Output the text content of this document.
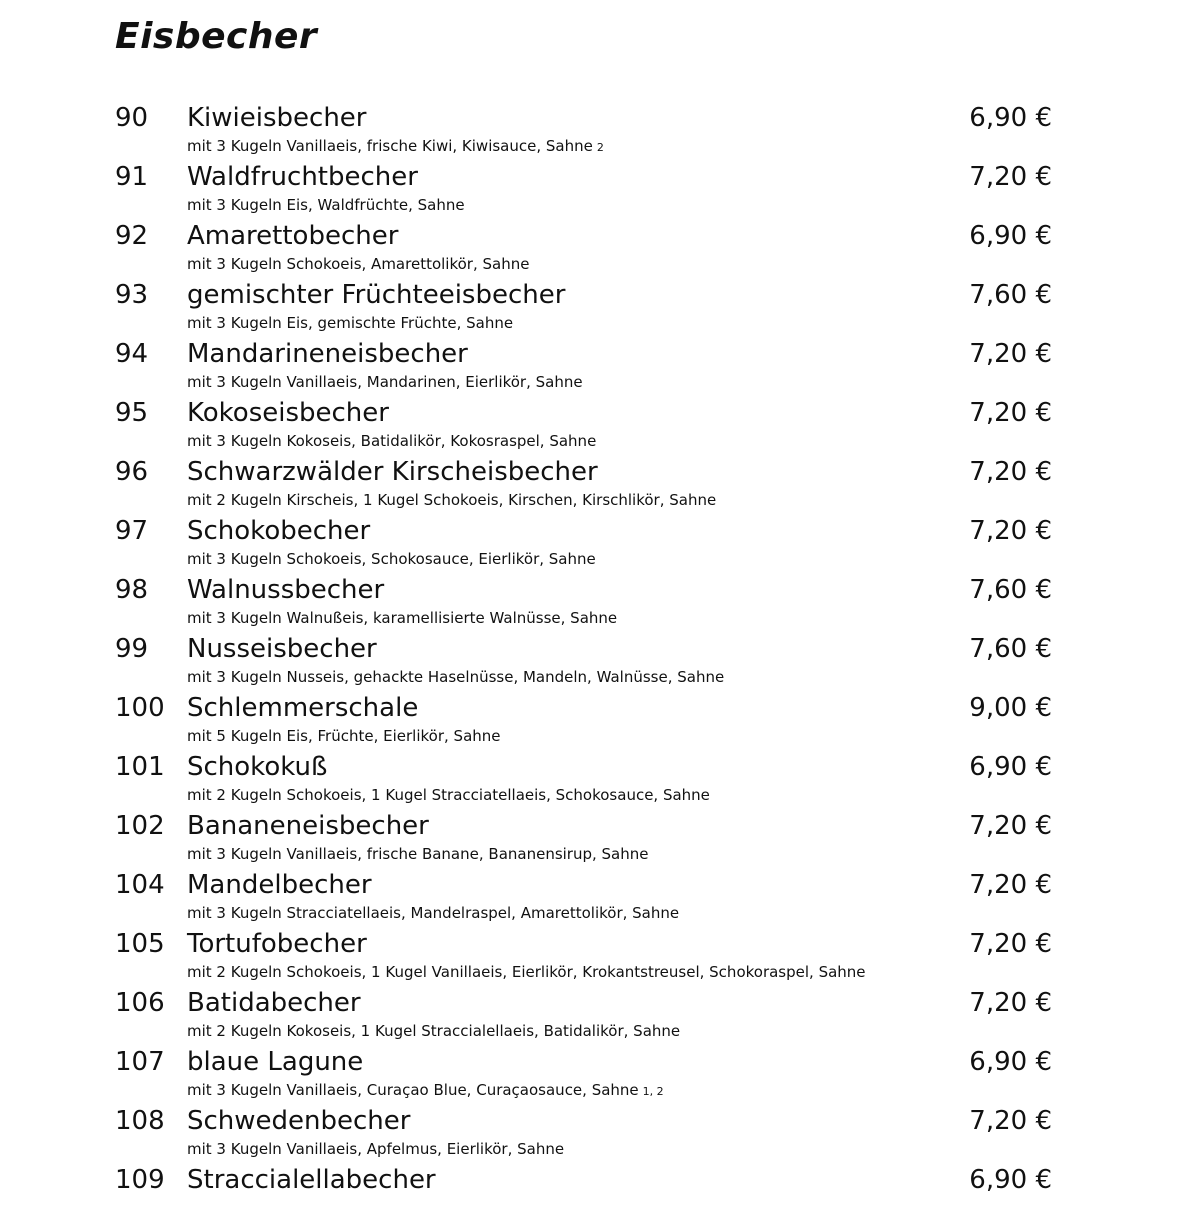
Eisbecher
90 Kiwieisbecher	6,90 €
mit 3 Kugeln Vanillaeis, frische Kiwi, Kiwisauce, Sahne 2
91 Waldfruchtbecher	7,20 €
mit 3 Kugeln Eis, Waldfrüchte, Sahne
92 Amarettobecher	6,90 €
mit 3 Kugeln Schokoeis, Amarettolikör, Sahne
93 gemischter Früchteeisbecher	7,60 €
mit 3 Kugeln Eis, gemischte Früchte, Sahne
94 Mandarineneisbecher	7,20 €
mit 3 Kugeln Vanillaeis, Mandarinen, Eierlikör, Sahne
95 Kokoseisbecher	7,20 €
mit 3 Kugeln Kokoseis, Batidalikör, Kokosraspel, Sahne
96 Schwarzwälder Kirscheisbecher	7,20 €
mit 2 Kugeln Kirscheis, 1 Kugel Schokoeis, Kirschen, Kirschlikör, Sahne
97 Schokobecher	7,20 €
mit 3 Kugeln Schokoeis, Schokosauce, Eierlikör, Sahne
98 Walnussbecher	7,60 €
mit 3 Kugeln Walnußeis, karamellisierte Walnüsse, Sahne
99 Nusseisbecher	7,60 €
mit 3 Kugeln Nusseis, gehackte Haselnüsse, Mandeln, Walnüsse, Sahne
100 Schlemmerschale	9,00 €
mit 5 Kugeln Eis, Früchte, Eierlikör, Sahne
101 Schokokuß	6,90 €
mit 2 Kugeln Schokoeis, 1 Kugel Stracciatellaeis, Schokosauce, Sahne
102 Bananeneisbecher	7,20 €
mit 3 Kugeln Vanillaeis, frische Banane, Bananensirup, Sahne
104 Mandelbecher	7,20 €
mit 3 Kugeln Stracciatellaeis, Mandelraspel, Amarettolikör, Sahne
105 Tortufobecher	7,20 €
mit 2 Kugeln Schokoeis, 1 Kugel Vanillaeis, Eierlikör, Krokantstreusel, Schokoraspel, Sahne
106 Batidabecher	7,20 €
mit 2 Kugeln Kokoseis, 1 Kugel Straccialellaeis, Batidalikör, Sahne
107 blaue Lagune	6,90 €
mit 3 Kugeln Vanillaeis, Curaçao Blue, Curaçaosauce, Sahne 1, 2
108 Schwedenbecher	7,20 €
mit 3 Kugeln Vanillaeis, Apfelmus, Eierlikör, Sahne
109 Straccialellabecher	6,90 €
